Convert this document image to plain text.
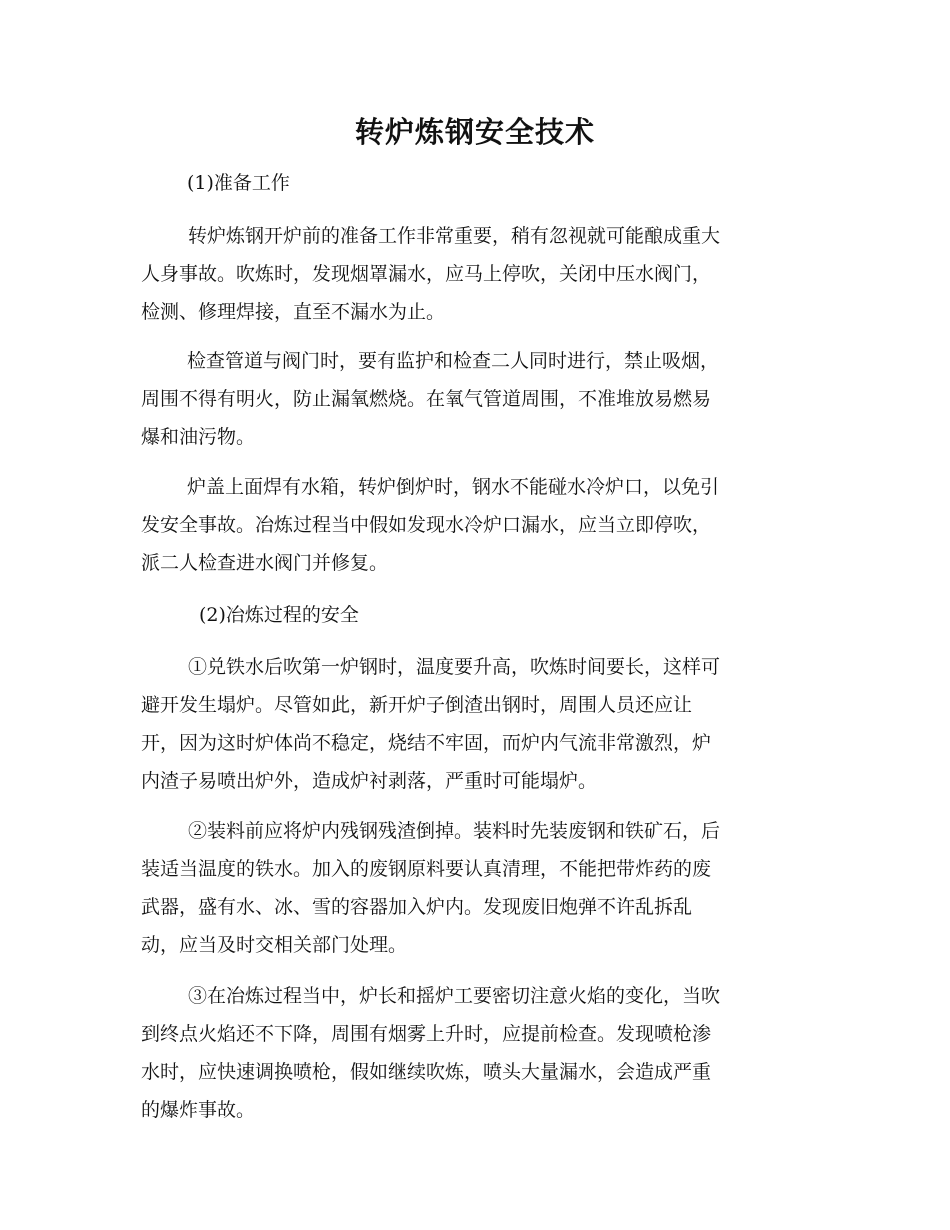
转炉炼钢安全技术

(1)准备工作

转炉炼钢开炉前的准备工作非常重要，稍有忽视就可能酿成重大
人身事故。吹炼时，发现烟罩漏水，应马上停吹，关闭中压水阀门，
检测、修理焊接，直至不漏水为止。

检查管道与阀门时，要有监护和检查二人同时进行，禁止吸烟，
周围不得有明火，防止漏氧燃烧。在氧气管道周围，不准堆放易燃易
爆和油污物。

炉盖上面焊有水箱，转炉倒炉时，钢水不能碰水冷炉口，以免引
发安全事故。冶炼过程当中假如发现水冷炉口漏水，应当立即停吹，
派二人检查进水阀门并修复。

(2)冶炼过程的安全

①兑铁水后吹第一炉钢时，温度要升高，吹炼时间要长，这样可
避开发生塌炉。尽管如此，新开炉子倒渣出钢时，周围人员还应让
开，因为这时炉体尚不稳定，烧结不牢固，而炉内气流非常激烈，炉
内渣子易喷出炉外，造成炉衬剥落，严重时可能塌炉。

②装料前应将炉内残钢残渣倒掉。装料时先装废钢和铁矿石，后
装适当温度的铁水。加入的废钢原料要认真清理，不能把带炸药的废
武器，盛有水、冰、雪的容器加入炉内。发现废旧炮弹不许乱拆乱
动，应当及时交相关部门处理。

③在冶炼过程当中，炉长和摇炉工要密切注意火焰的变化，当吹
到终点火焰还不下降，周围有烟雾上升时，应提前检查。发现喷枪渗
水时，应快速调换喷枪，假如继续吹炼，喷头大量漏水，会造成严重
的爆炸事故。
